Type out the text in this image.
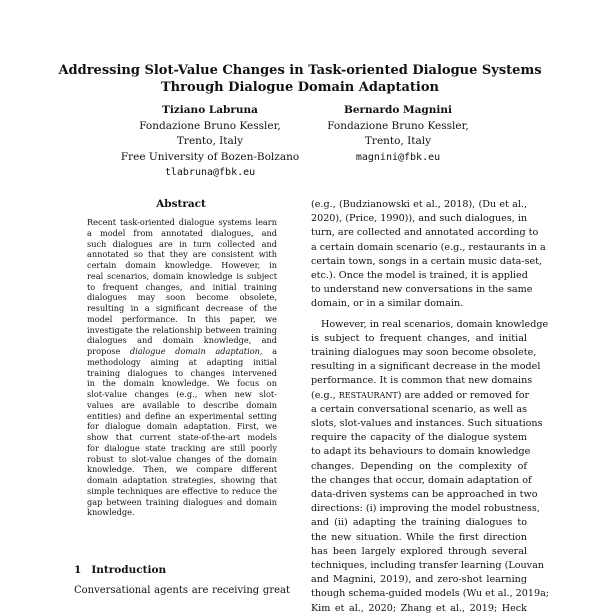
Addressing Slot-Value Changes in Task-oriented Dialogue Systems
Through Dialogue Domain Adaptation
Tiziano Labruna
Fondazione Bruno Kessler,
Trento, Italy
Free University of Bozen-Bolzano
tlabruna@fbk.eu
Bernardo Magnini
Fondazione Bruno Kessler,
Trento, Italy
magnini@fbk.eu
Abstract
Recent task-oriented dialogue systems learn
a model from annotated dialogues, and
such dialogues are in turn collected and
annotated so that they are consistent with
certain domain knowledge. However, in
real scenarios, domain knowledge is subject
to frequent changes, and initial training
dialogues may soon become obsolete,
resulting in a significant decrease of the
model performance. In this paper, we
investigate the relationship between training
dialogues and domain knowledge, and
propose dialogue domain adaptation, a
methodology aiming at adapting initial
training dialogues to changes intervened
in the domain knowledge. We focus on
slot-value changes (e.g., when new slot-
values are available to describe domain
entities) and define an experimental setting
for dialogue domain adaptation. First, we
show that current state-of-the-art models
for dialogue state tracking are still poorly
robust to slot-value changes of the domain
knowledge. Then, we compare different
domain adaptation strategies, showing that
simple techniques are effective to reduce the
gap between training dialogues and domain
knowledge.
1 Introduction
Conversational agents are receiving great
(e.g., (Budzianowski et al., 2018), (Du et al.,
2020), (Price, 1990)), and such dialogues, in
turn, are collected and annotated according to
a certain domain scenario (e.g., restaurants in a
certain town, songs in a certain music data-set,
etc.). Once the model is trained, it is applied
to understand new conversations in the same
domain, or in a similar domain.
However, in real scenarios, domain knowledge
is subject to frequent changes, and initial
training dialogues may soon become obsolete,
resulting in a significant decrease in the model
performance. It is common that new domains
(e.g., RESTAURANT) are added or removed for
a certain conversational scenario, as well as
slots, slot-values and instances. Such situations
require the capacity of the dialogue system
to adapt its behaviours to domain knowledge
changes. Depending on the complexity of
the changes that occur, domain adaptation of
data-driven systems can be approached in two
directions: (i) improving the model robustness,
and (ii) adapting the training dialogues to
the new situation. While the first direction
has been largely explored through several
techniques, including transfer learning (Louvan
and Magnini, 2019), and zero-shot learning
though schema-guided models (Wu et al., 2019a;
Kim et al., 2020; Zhang et al., 2019; Heck
